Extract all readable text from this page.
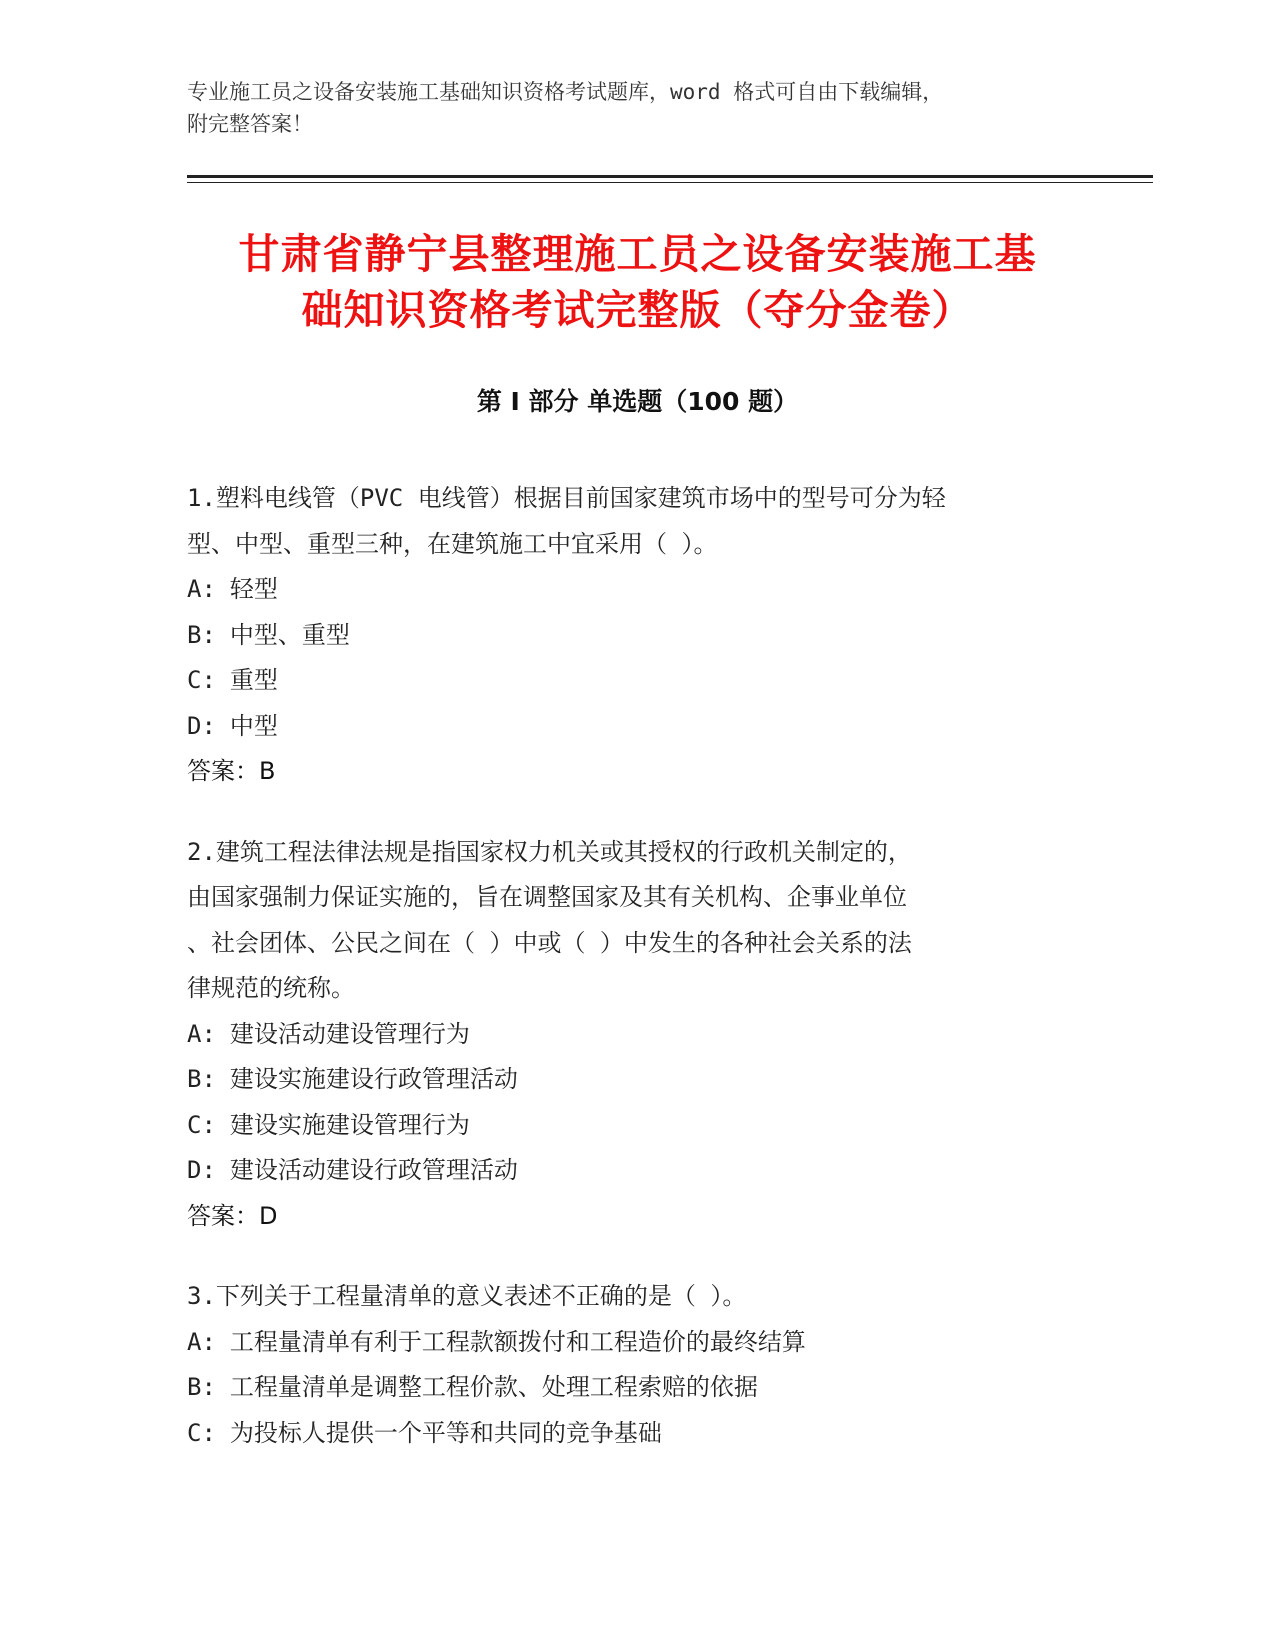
专业施工员之设备安装施工基础知识资格考试题库，word 格式可自由下载编辑，
附完整答案！
甘肃省静宁县整理施工员之设备安装施工基
础知识资格考试完整版（夺分金卷）
第 I 部分 单选题（100 题）
1.塑料电线管（PVC 电线管）根据目前国家建筑市场中的型号可分为轻
型、中型、重型三种，在建筑施工中宜采用（ ）。
A: 轻型
B: 中型、重型
C: 重型
D: 中型
答案：B
2.建筑工程法律法规是指国家权力机关或其授权的行政机关制定的，
由国家强制力保证实施的，旨在调整国家及其有关机构、企事业单位
、社会团体、公民之间在（ ）中或（ ）中发生的各种社会关系的法
律规范的统称。
A: 建设活动建设管理行为
B: 建设实施建设行政管理活动
C: 建设实施建设管理行为
D: 建设活动建设行政管理活动
答案：D
3.下列关于工程量清单的意义表述不正确的是（ ）。
A: 工程量清单有利于工程款额拨付和工程造价的最终结算
B: 工程量清单是调整工程价款、处理工程索赔的依据
C: 为投标人提供一个平等和共同的竞争基础
